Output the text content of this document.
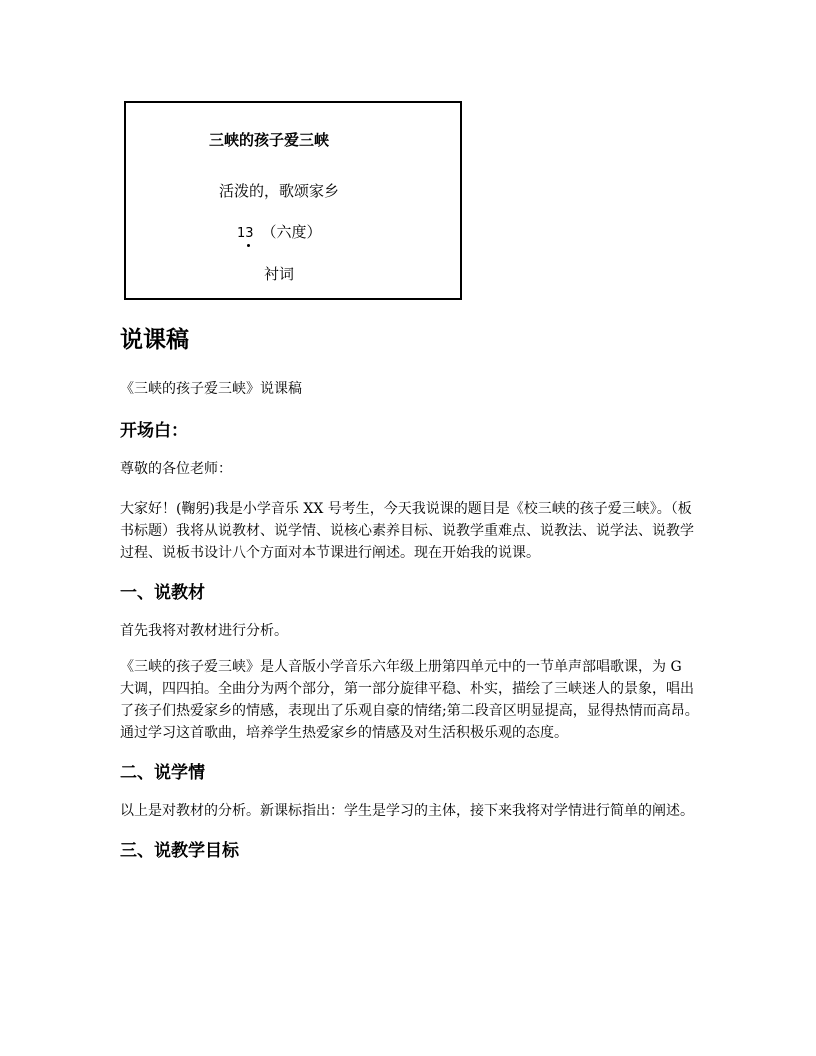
三峡的孩子爱三峡
活泼的，歌颂家乡
13 （六度）
衬词
说课稿

《三峡的孩子爱三峡》说课稿

开场白：

尊敬的各位老师：

大家好！(鞠躬)我是小学音乐 XX 号考生，今天我说课的题目是《校三峡的孩子爱三峡》。（板书标题）我将从说教材、说学情、说核心素养目标、说教学重难点、说教法、说学法、说教学过程、说板书设计八个方面对本节课进行阐述。现在开始我的说课。

一、说教材

首先我将对教材进行分析。

《三峡的孩子爱三峡》是人音版小学音乐六年级上册第四单元中的一节单声部唱歌课，为 G 大调，四四拍。全曲分为两个部分，第一部分旋律平稳、朴实，描绘了三峡迷人的景象，唱出了孩子们热爱家乡的情感，表现出了乐观自豪的情绪;第二段音区明显提高，显得热情而高昂。通过学习这首歌曲，培养学生热爱家乡的情感及对生活积极乐观的态度。

二、说学情

以上是对教材的分析。新课标指出：学生是学习的主体，接下来我将对学情进行简单的阐述。

三、说教学目标
